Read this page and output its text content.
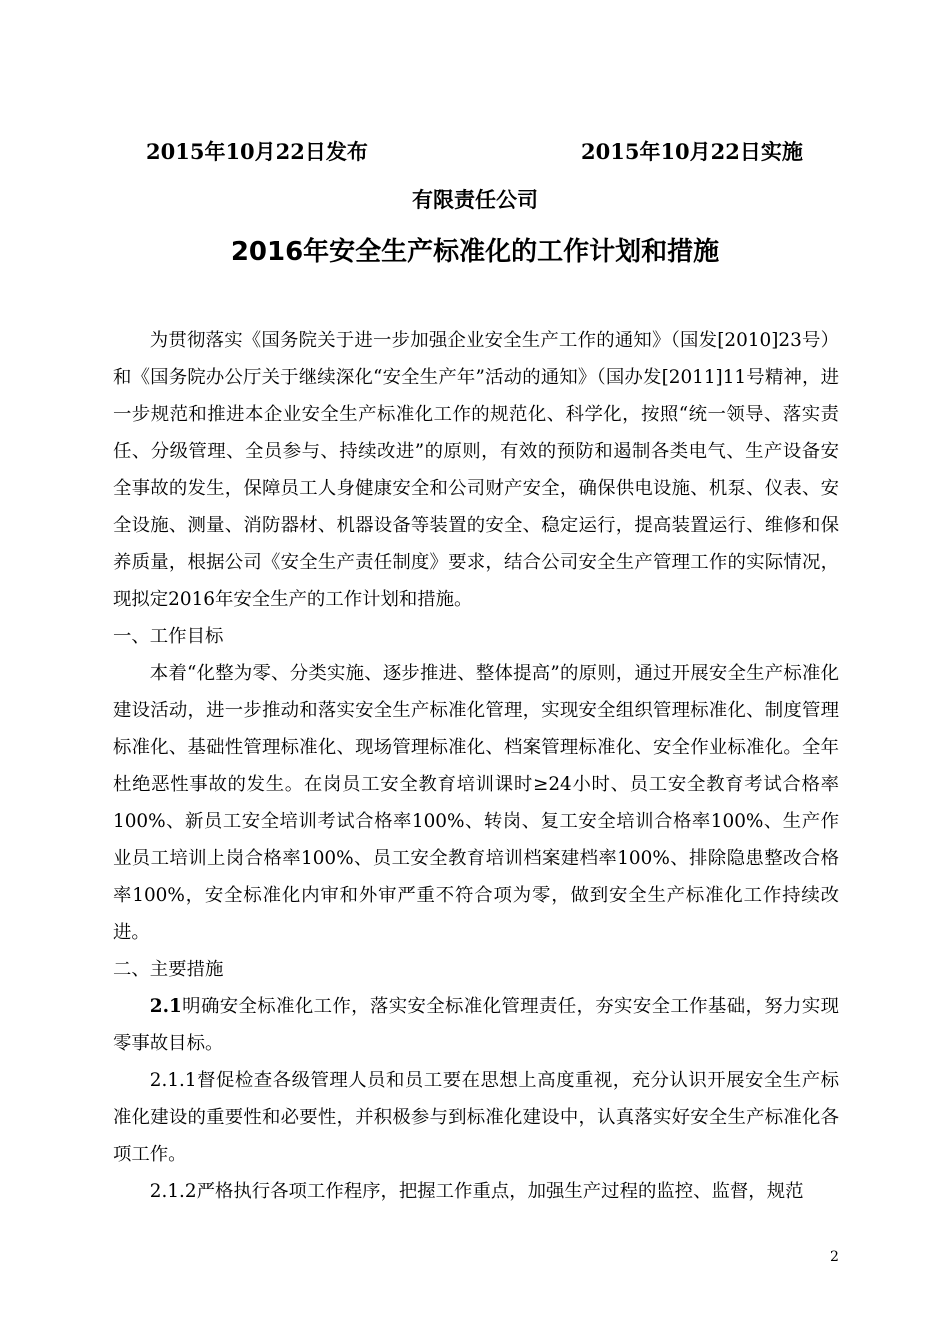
2015年10月22日发布	2015年10月22日实施
有限责任公司
2016年安全生产标准化的工作计划和措施

为贯彻落实《国务院关于进一步加强企业安全生产工作的通知》（国发[2010]23号）和《国务院办公厅关于继续深化“安全生产年”活动的通知》（国办发[2011]11号精神，进一步规范和推进本企业安全生产标准化工作的规范化、科学化，按照“统一领导、落实责任、分级管理、全员参与、持续改进”的原则，有效的预防和遏制各类电气、生产设备安全事故的发生，保障员工人身健康安全和公司财产安全，确保供电设施、机泵、仪表、安全设施、测量、消防器材、机器设备等装置的安全、稳定运行，提高装置运行、维修和保养质量，根据公司《安全生产责任制度》要求，结合公司安全生产管理工作的实际情况，现拟定2016年安全生产的工作计划和措施。

一、工作目标

本着“化整为零、分类实施、逐步推进、整体提高”的原则，通过开展安全生产标准化建设活动，进一步推动和落实安全生产标准化管理，实现安全组织管理标准化、制度管理标准化、基础性管理标准化、现场管理标准化、档案管理标准化、安全作业标准化。全年杜绝恶性事故的发生。在岗员工安全教育培训课时≥24小时、员工安全教育考试合格率100%、新员工安全培训考试合格率100%、转岗、复工安全培训合格率100%、生产作业员工培训上岗合格率100%、员工安全教育培训档案建档率100%、排除隐患整改合格率100%，安全标准化内审和外审严重不符合项为零，做到安全生产标准化工作持续改进。

二、主要措施

2.1明确安全标准化工作，落实安全标准化管理责任，夯实安全工作基础，努力实现零事故目标。

2.1.1督促检查各级管理人员和员工要在思想上高度重视，充分认识开展安全生产标准化建设的重要性和必要性，并积极参与到标准化建设中，认真落实好安全生产标准化各项工作。

2.1.2严格执行各项工作程序，把握工作重点，加强生产过程的监控、监督，规范

2
